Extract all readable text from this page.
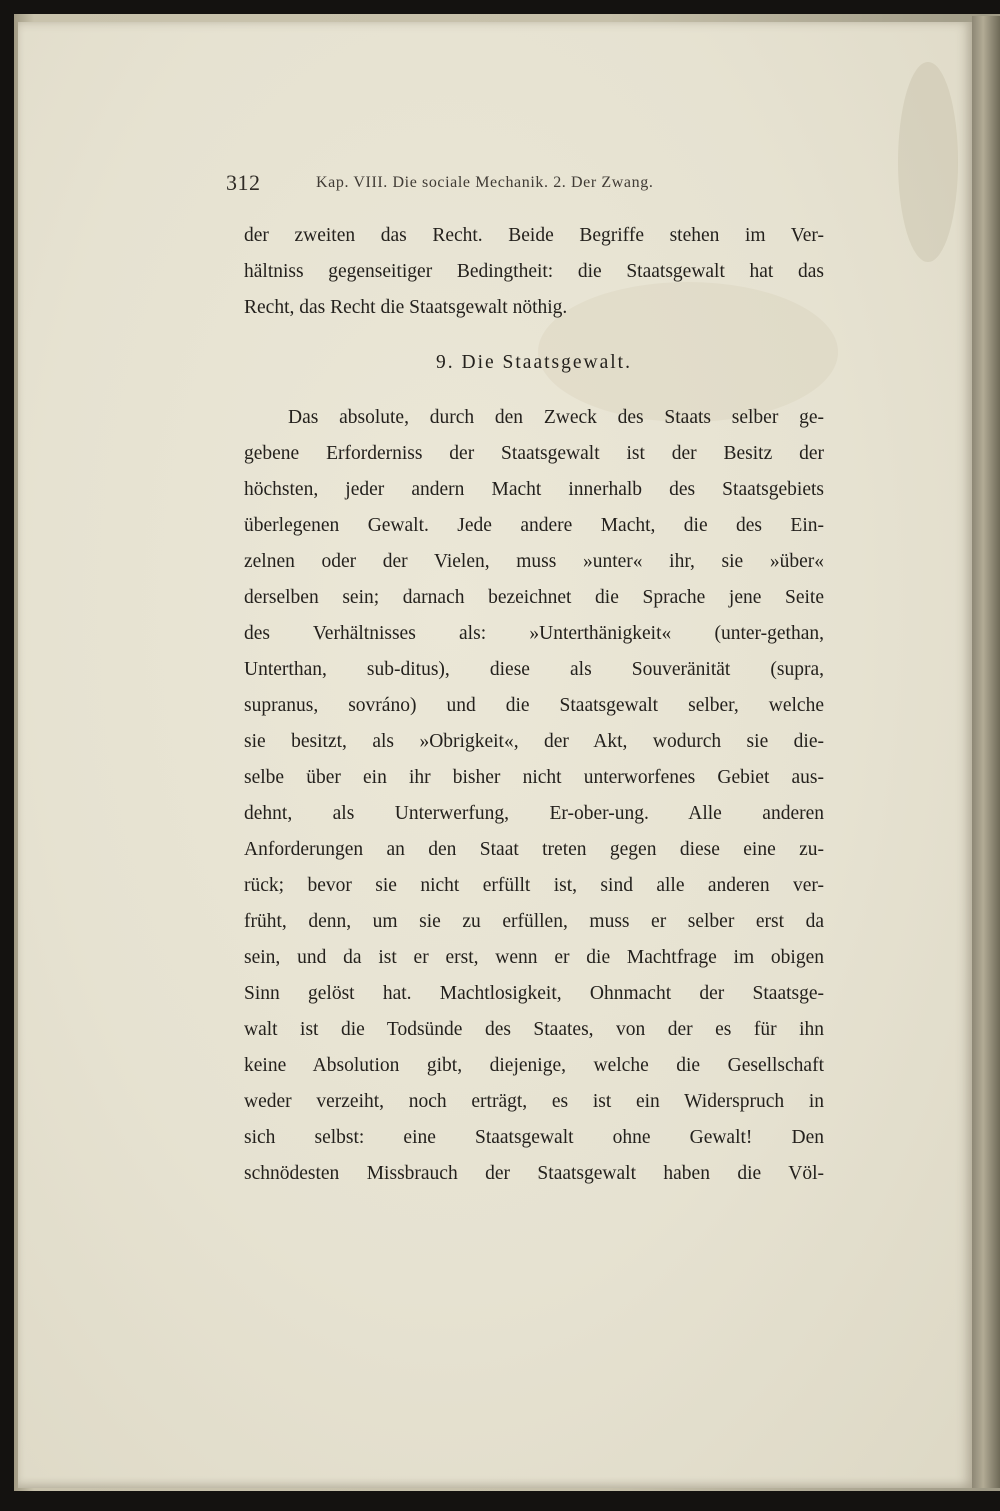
312	Kap. VIII. Die sociale Mechanik. 2. Der Zwang.
der zweiten das Recht. Beide Begriffe stehen im Ver-
hältniss gegenseitiger Bedingtheit: die Staatsgewalt hat das
Recht, das Recht die Staatsgewalt nöthig.
9. Die Staatsgewalt.
Das absolute, durch den Zweck des Staats selber ge-
gebene Erforderniss der Staatsgewalt ist der Besitz der
höchsten, jeder andern Macht innerhalb des Staatsgebiets
überlegenen Gewalt. Jede andere Macht, die des Ein-
zelnen oder der Vielen, muss »unter« ihr, sie »über«
derselben sein; darnach bezeichnet die Sprache jene Seite
des Verhältnisses als: »Unterthänigkeit« (unter-gethan,
Unterthan, sub-ditus), diese als Souveränität (supra,
supranus, sovráno) und die Staatsgewalt selber, welche
sie besitzt, als »Obrigkeit«, der Akt, wodurch sie die-
selbe über ein ihr bisher nicht unterworfenes Gebiet aus-
dehnt, als Unterwerfung, Er-ober-ung. Alle anderen
Anforderungen an den Staat treten gegen diese eine zu-
rück; bevor sie nicht erfüllt ist, sind alle anderen ver-
früht, denn, um sie zu erfüllen, muss er selber erst da
sein, und da ist er erst, wenn er die Machtfrage im obigen
Sinn gelöst hat. Machtlosigkeit, Ohnmacht der Staatsge-
walt ist die Todsünde des Staates, von der es für ihn
keine Absolution gibt, diejenige, welche die Gesellschaft
weder verzeiht, noch erträgt, es ist ein Widerspruch in
sich selbst: eine Staatsgewalt ohne Gewalt! Den
schnödesten Missbrauch der Staatsgewalt haben die Völ-
